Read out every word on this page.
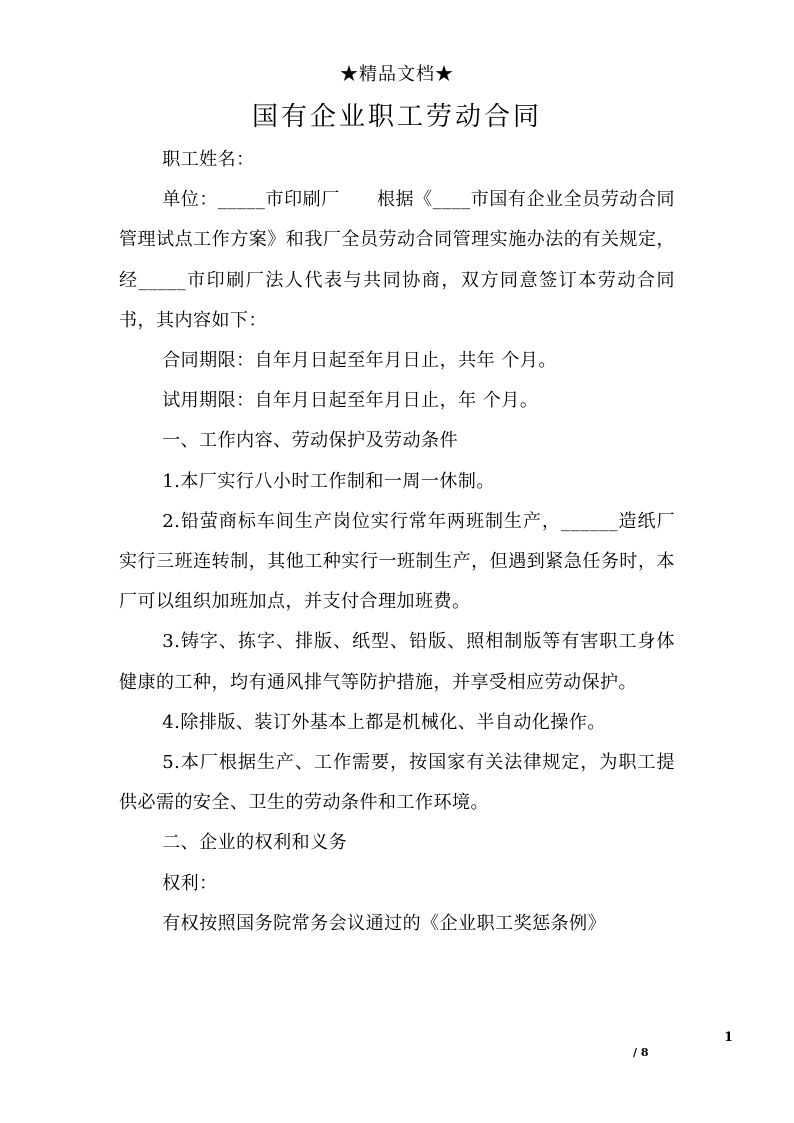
★精品文档★
国有企业职工劳动合同

职工姓名：

单位：_____市印刷厂　　根据《____市国有企业全员劳动合同管理试点工作方案》和我厂全员劳动合同管理实施办法的有关规定，经_____市印刷厂法人代表与共同协商，双方同意签订本劳动合同书，其内容如下：

合同期限：自年月日起至年月日止，共年 个月。

试用期限：自年月日起至年月日止，年 个月。

一、工作内容、劳动保护及劳动条件

1.本厂实行八小时工作制和一周一休制。

2.铅萤商标车间生产岗位实行常年两班制生产，______造纸厂实行三班连转制，其他工种实行一班制生产，但遇到紧急任务时，本厂可以组织加班加点，并支付合理加班费。

3.铸字、拣字、排版、纸型、铅版、照相制版等有害职工身体健康的工种，均有通风排气等防护措施，并享受相应劳动保护。

4.除排版、装订外基本上都是机械化、半自动化操作。

5.本厂根据生产、工作需要，按国家有关法律规定，为职工提供必需的安全、卫生的劳动条件和工作环境。

二、企业的权利和义务

权利：

有权按照国务院常务会议通过的《企业职工奖惩条例》

1
/ 8
